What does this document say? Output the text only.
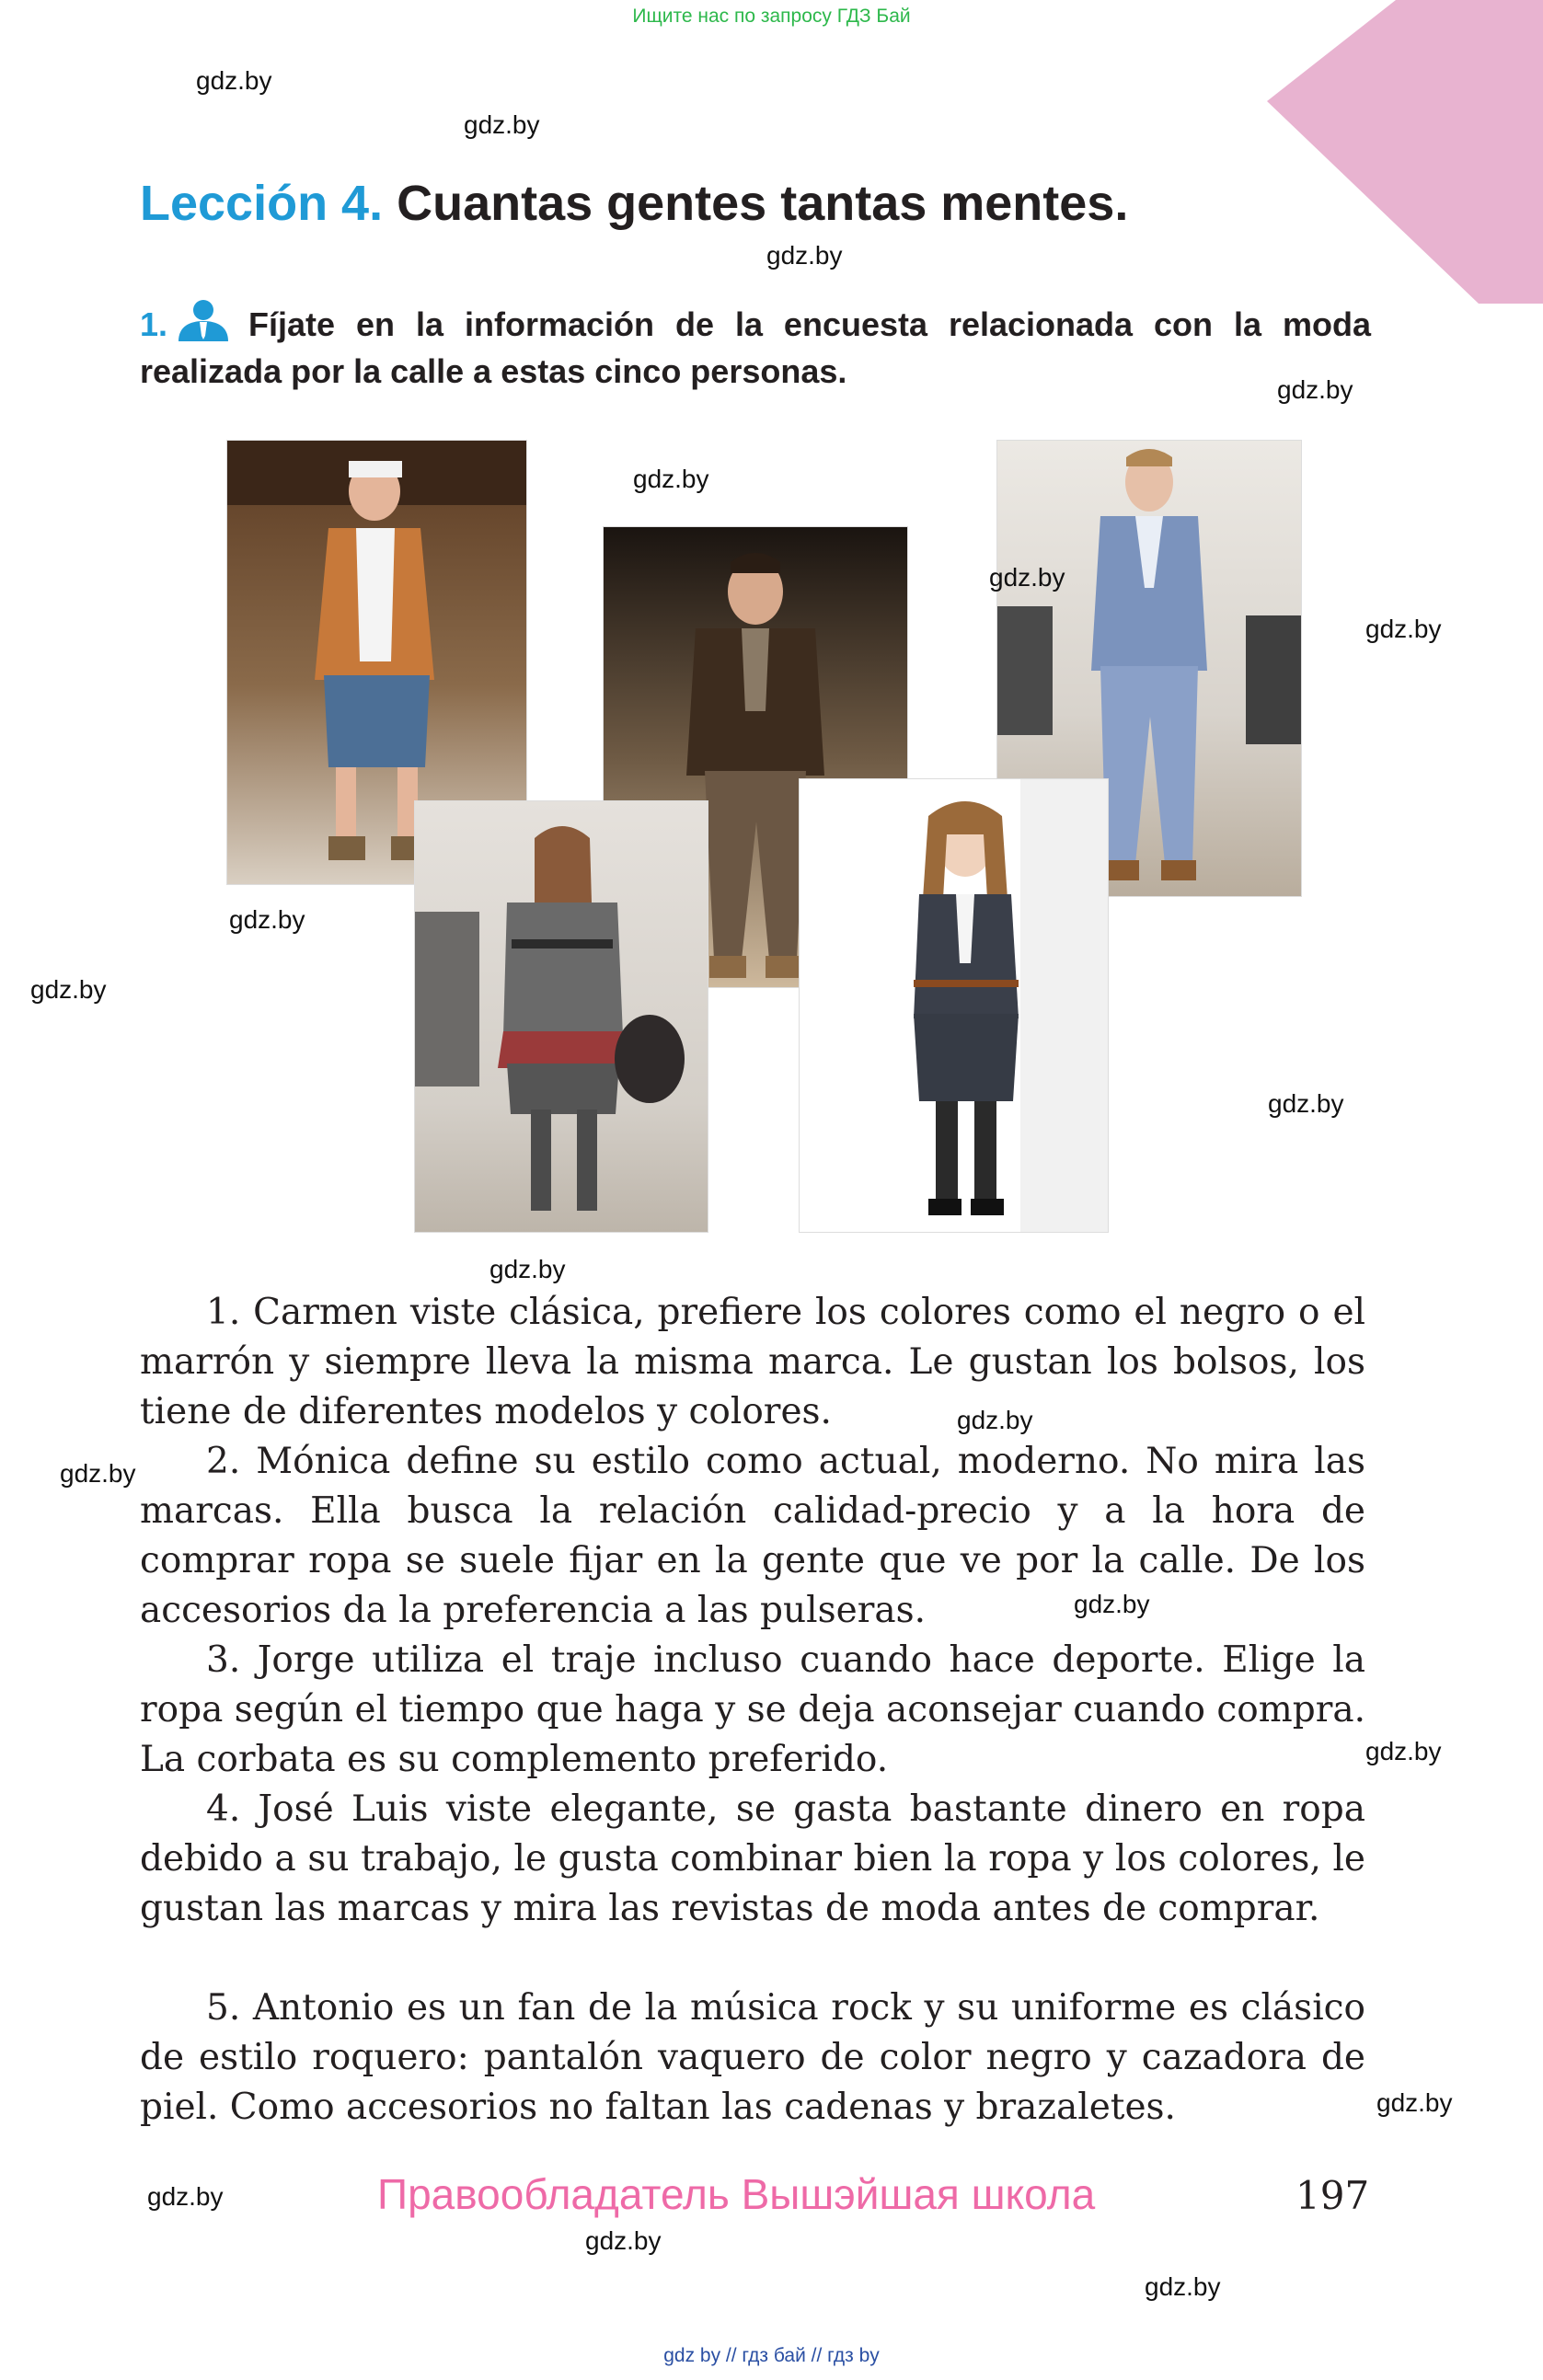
Ищите нас по запросу ГДЗ Бай
Lección 4. Cuantas gentes tantas mentes.
1. Fíjate en la información de la encuesta relacionada con la moda realizada por la calle a estas cinco personas.
1. Carmen viste clásica, prefiere los colores como el negro o el marrón y siempre lleva la misma marca. Le gustan los bolsos, los tiene de diferentes modelos y colores.
2. Mónica define su estilo como actual, moderno. No mira las marcas. Ella busca la relación calidad-precio y a la hora de comprar ropa se suele fijar en la gente que ve por la calle. De los accesorios da la preferencia a las pulseras.
3. Jorge utiliza el traje incluso cuando hace deporte. Elige la ropa según el tiempo que haga y se deja aconsejar cuando compra. La corbata es su complemento preferido.
4. José Luis viste elegante, se gasta bastante dinero en ropa debido a su trabajo, le gusta combinar bien la ropa y los colores, le gustan las marcas y mira las revistas de moda antes de comprar.
5. Antonio es un fan de la música rock y su uniforme es clásico de estilo roquero: pantalón vaquero de color negro y cazadora de piel. Como accesorios no faltan las cadenas y brazaletes.
gdz.by
gdz.by
gdz.by
gdz.by
gdz.by
gdz.by
gdz.by
gdz.by
gdz.by
gdz.by
gdz.by
gdz.by
gdz.by
gdz.by
gdz.by
gdz.by
gdz.by
gdz.by
gdz.by
Правообладатель Вышэйшая школа	197
gdz by // гдз бай // гдз by
